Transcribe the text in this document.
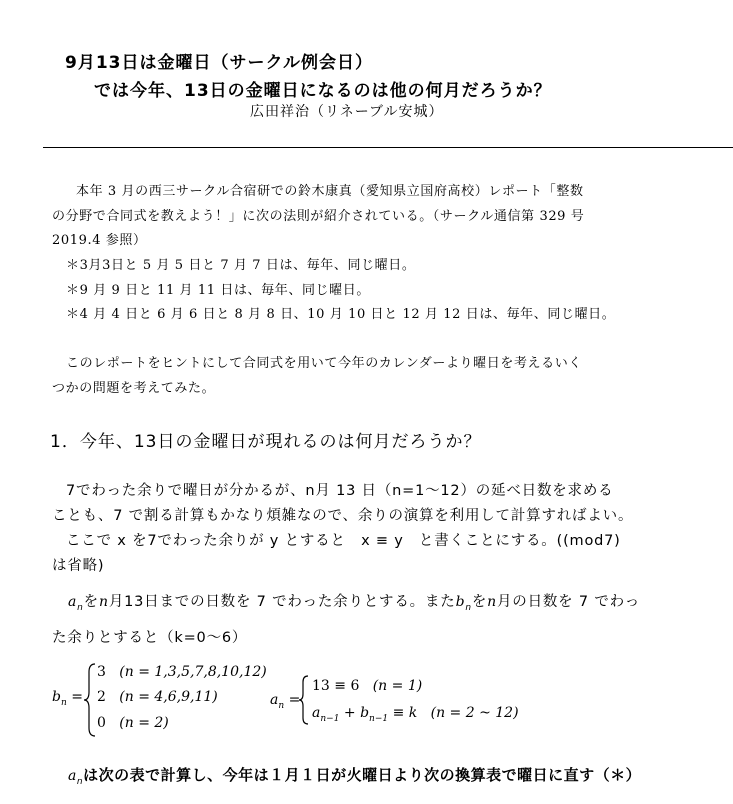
9月13日は金曜日（サークル例会日）
では今年、13日の金曜日になるのは他の何月だろうか？
広田祥治（リネーブル安城）
本年 3 月の西三サークル合宿研での鈴木康真（愛知県立国府高校）レポート「整数
の分野で合同式を教えよう！」に次の法則が紹介されている。（サークル通信第 329 号
2019.4 参照）
＊3月3日と 5 月 5 日と 7 月 7 日は、毎年、同じ曜日。
＊9 月 9 日と 11 月 11 日は、毎年、同じ曜日。
＊4 月 4 日と 6 月 6 日と 8 月 8 日、10 月 10 日と 12 月 12 日は、毎年、同じ曜日。
このレポートをヒントにして合同式を用いて今年のカレンダーより曜日を考えるいく
つかの問題を考えてみた。
1．今年、13日の金曜日が現れるのは何月だろうか？
7でわった余りで曜日が分かるが、n月 13 日（n=1～12）の延べ日数を求める
ことも、7 で割る計算もかなり煩雑なので、余りの演算を利用して計算すればよい。
ここで x を7でわった余りが y とすると　x ≡ y　と書くことにする。((mod7)
は省略)
$a_n$をn月13日までの日数を 7 でわった余りとする。また$b_n$をn月の日数を 7 でわっ
た余りとすると（k=0～6）
$b_n$ =
3 (n = 1,3,5,7,8,10,12)
2 (n = 4,6,9,11)
0 (n = 2)
$a_n$ =
13 ≡ 6 (n = 1)
$a_{n-1} + b_{n-1} \equiv k$ (n = 2 ~ 12)
$a_n$は次の表で計算し、今年は１月１日が火曜日より次の換算表で曜日に直す（＊）
